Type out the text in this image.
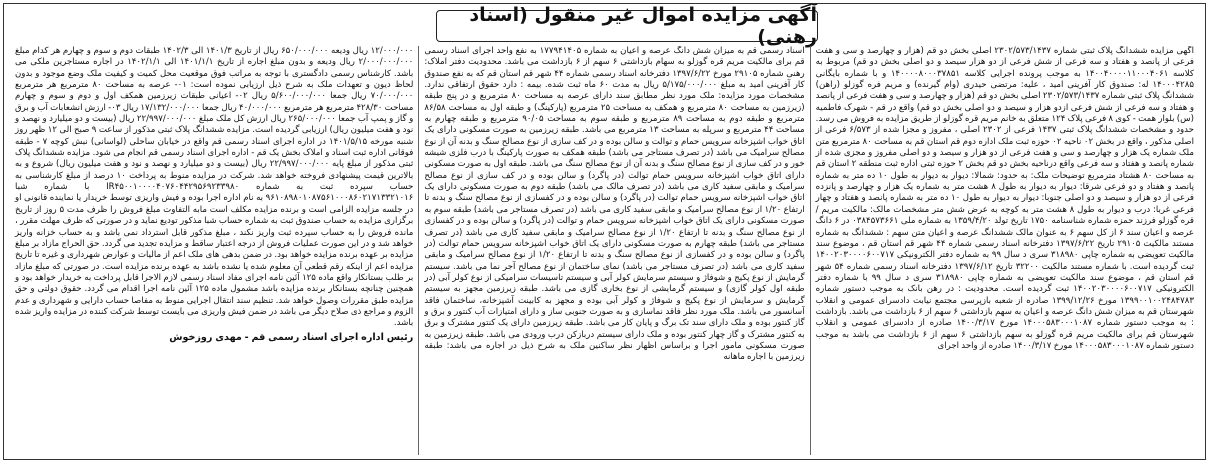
آگهی مزایده اموال غیر منقول (اسناد رهنی)
آگهی مزایده ششدانگ پلاک ثبتی شماره ۲۳۰۲/۵۷۳/۱۴۳۷ اصلی بخش دو قم (هزار و چهارصد و سی و هفت فرعی از پانصد و هفتاد و سه فرعی از شش فرعی از دو هزار سیصد و دو اصلی بخش دو قم) مربوط به کلاسه ۱۴۰۰۴۰۰۰۰۱۱۰۰۰۴۰۶۱ به موجب پرونده اجرایی کلاسه ۱۴۰۰۰۰۸۰۰۰۳۷۸۵۱ و با شماره بایگانی ۱۴۰۰۰۴۲۸۵ له: صندوق کار آفرینی امید ، علیه: مرتضی حیدری (وام گیرنده) و مریم فره گوزلو (راهن) ششدانگ پلاک ثبتی شماره ۲۳۰۲/۵۷۳/۱۴۳۷ اصلی بخش دو قم (هزار و چهارصد و سی و هفت فرعی از پانصد و هفتاد و سه فرعی از شش فرعی ازدو هزار و سیصد و دو اصلی بخش دو قم) واقع در قم - شهرک فاطمیه (س) بلوار همت - کوی ۸ فرعی پلاک ۱۲۴ متعلق به خانم مریم قره گوزلو از طریق مزایده به فروش می رسد. حدود و مشخصات ششدانگ پلاک ثبتی ۱۴۳۷ فرعی از ۲۳۰۲ اصلی ، مفروز و مجزا شده از ۶/۵۷۳ فرعی از اصلی مذکور ، واقع در بخش ۰۲ ناحیه ۰۲ حوزه ثبت ملک اداره دوم قم استان قم به مساحت ۸۰ مترمربع متن ملک شماره یک هزار و چهارصد و سی و هفت فرعی از دو هزار و سیصد و دو اصلی مفروز و مجزی شده از شماره پانصد و هفتاد و سه فرعی واقع درناحیه بخش دو قم بخش ۲ حوزه ثبتی اداره ثبت منطقه ۲ استان قم به مساحت ۸۰ هشتاد مترمربع توضیحات ملک: به حدود: شمالا: دیوار به دیوار به طول ۱۰ ده متر به شماره پانصد و هفتاد و دو فرعی شرقا: دیوار به دیوار به طول ۸ هشت متر به شماره یک هزار و چهارصد و پانزده فرعی از دو هزار و سیصد و دو اصلی جنوبا: دیوار به دیوار به طول ۱۰ ده متر به شماره پانصد و هفتاد و چهار فرعی غربا: درب و دیوار به طول ۸ هشت متر به کوچه به عرض شش متر مشخصات مالک: مالکیت مریم / قره گوزلو فرزند حمزه شماره شناسنامه ۱۷۵۰ تاریخ تولد ۱۳۵۹/۴/۲۰ به شماره ملی ۰۳۸۴۵۷۳۶۶۱ در ۶ دانگ عرصه و اعیان سند ۶ از کل سهم ۶ به عنوان مالک ششدانگ عرصه و اعیان متن سهم : ششدانگ به شماره مستند مالکیت ۲۹۱۰۵ تاریخ ۱۳۹۷/۶/۲۲ دفترخانه اسناد رسمی شماره ۴۴ شهر قم استان قم ، موضوع سند مالکیت تعویضی به شماره چاپی ۳۱۸۹۸۰ سری د سال ۹۹ به شماره دفتر الکترونیکی ۱۴۰۰۲۰۳۰۰۰۰۶۰۰۷۱۷ ثبت گردیده است. با شماره مستند مالکیت ۳۲۲۰۰ تاریخ ۱۳۹۷/۶/۱۲ دفترخانه اسناد رسمی شماره ۵۴ شهر قم استان قم ، موضوع سند مالکیت تعویضی به شماره چاپی ۳۱۸۹۸۰ سری د سال ۹۹ با شماره دفتر الکترونیکی ۱۴۰۰۲۰۳۰۰۰۰۶۰۰۷۱۷ ثبت گردیده است. محدودیت : در رهن بانک به موجب دستور شماره ۱۳۹۹۰۰۱۰۰۲۴۸۴۷۸۳ مورخ ۱۳۹۹/۱۲/۲۶ صادره از شعبه بازپرسی مجتمع نیابت دادسرای عمومی و انقلاب شهرستان قم به میزان شش دانگ عرصه و اعیان به سهم بازداشتی ۶ سهم از ۶ بازداشت می باشد. بازداشت : به موجب دستور شماره ۱۴۰۰۰۵۸۳۰۰۰۱۰۸۷ مورخ ۱۴۰۰/۳/۱۷ صادره از دادسرای عمومی و انقلاب شهرستان قم برای مالکیت مریم قره گوزلو به سهم بازداشتی ۶ سهم از ۶ بازداشت می باشد به موجب دستور شماره ۱۴۰۰۰۵۸۳۰۰۰۱۰۸۷ مورخ ۱۴۰۰/۳/۱۷ صادره از واحد اجرای
اسناد رسمی قم به میزان شش دانگ عرصه و اعیان به شماره ۱۷۷۹۴۱۴۰۵ به نفع واحد اجرای اسناد رسمی قم برای مالکیت مریم قره گوزلو به سهام بازداشتی ۶ سهم از ۶ بازداشت می باشد. محدودیت دفتر املاک: رهنی شماره ۲۹۱۰۵ مورخ ۱۳۹۷/۶/۲۲ دفترخانه اسناد رسمی شماره ۴۴ شهر قم استان قم که به نفع صندوق کار آفرینی امید به مبلغ ۵/۱۷۵/۰۰۰/۰۰۰ ریال به مدت ۶۰ ماه ثبت شده. بیمه : دارد حقوق ارتفاقی ندارد. مشخصات مورد مزایده: ملک مورد نظر مطابق سند دارای عرصه به مساحت ۸۰ مترمربع و در پنج طبقه (زیرزمین به مساحت ۸۰ مترمربع و همکف به مساحت ۲۵ مترمربع (پارکینگ) و طبقه اول به مساحت ۸۶/۵۸ مترمربع و طبقه دوم به مساحت ۸۹ مترمربع و طبقه سوم به مساحت ۹۰/۰۵ مترمربع و طبقه چهارم به مساحت ۴۴ مترمربع و سرپله به مساحت ۱۳ مترمربع می باشد. طبقه زیرزمین به صورت مسکونی دارای یک اتاق خواب اشپزخانه سرویس حمام و توالت و سالن بوده و در کف سازی از نوع مصالح سنگ و بدنه آن از نوع مصالح سرامیک می باشد (در تصرف مستاجر می باشد) طبقه همکف به صورت پارکینگ با درب فلزی شیشه خور و در کف سازی از نوع مصالح سنگ و بدنه آن از نوع مصالح سنگ می باشد. طبقه اول به صورت مسکونی دارای اتاق خواب اشپزخانه سرویس حمام توالت (در پاگرد) و سالن بوده و در کف سازی از نوع مصالح سرامیک و مابقی سفید کاری می باشد (در تصرف مالک می باشد) طبقه دوم به صورت مسکونی دارای یک اتاق خواب اشپزخانه سرویس حمام توالت (در پاگرد) و سالن بوده و در کفسازی از نوع مصالح سنگ و بدنه تا ارتفاع ۱/۲۰ از نوع مصالح سرامیک و مابقی سفید کاری می باشد (در تصرف مستاجر می باشد) طبقه سوم به صورت مسکونی دارای یک اتاق خواب اشپزخانه سرویس حمام و توالت (در پاگرد) و سالن بوده و در کفسازی از نوع مصالح سنگ و بدنه تا ارتفاع ۱/۲۰ از نوع مصالح سرامیک و مابقی سفید کاری می باشد (در تصرف مستاجر می باشد) طبقه چهارم به صورت مسکونی دارای یک اتاق خواب اشپزخانه سرویس حمام توالت (در پاگرد) و سالن بوده و در کفسازی از نوع مصالح سنگ و بدنه تا ارتفاع ۱/۲۰ از نوع مصالح سرامیک و مابقی سفید کاری می باشد (در تصرف مستاجر می باشد) نمای ساختمان از نوع مصالح آجر نما می باشد. سیستم گرمایش از نوع پکیج و شوفاژ و سیستم سرمایش کولر آبی و سیستم تاسیسات سرامیکی از نوع کولر آبی (در طبقه اول کولر گازی) و سیستم گرمایشی از نوع بخاری گازی می باشد. طبقه زیرزمین مجهز به سیستم گرمایش و سرمایش از نوع پکیج و شوفاژ و کولر آبی بوده و مجهز به کابینت آشپزخانه، ساختمان فاقد آسانسور می باشد. ملک مورد نظر فاقد نماسازی و به صورت جنوبی ساز و دارای امتیازات آب کنتور و برق و گاز کنتور بوده و ملک دارای سند تک برگ و پایان کار می باشد. طبقه زیرزمین دارای یک کنتور مشترک و برق به کنتور مشترک و گاز چهار کنتور بوده و ملک دارای سیستم دربازکن درب ورودی می باشد. طبقه زیرزمین به صورت مسکونی مامور اجرا و براساس اظهار نظر ساکنین ملک به شرح ذیل در اجاره می باشد: طبقه زیرزمین با اجاره ماهانه
۱۲/۰۰۰/۰۰۰ ریال ودیعه ۶۵۰/۰۰۰/۰۰۰ ریال از تاریخ ۱۴۰۱/۳ الی ۱۴۰۲/۳ طبقات دوم و سوم و چهارم هر کدام مبلغ ۲/۰۰۰/۰۰۰/۰۰۰ ریال ودیعه و بدون مبلغ اجاره از تاریخ ۱۴۰۱/۱/۱ الی ۱۴۰۲/۱/۱ در اجاره مستاجرین ملکی می باشد. کارشناس رسمی دادگستری با توجه به مراتب فوق موقعیت محل کمیت و کیفیت ملک وضع موجود و بدون لحاظ دیون و تعهدات ملک به شرح ذیل ارزیابی نموده است: ۰۱- عرصه به مساحت ۸۰ مترمربع هر مترمربع ۷۰/۰۰۰/۰۰۰ ریال جمعا ۵/۶۰۰/۰۰۰/۰۰۰ ریال ۰۲- اعیانی طبقات زیرزمین همکف اول و دوم و سوم و چهارم مساحت ۴۲۸/۳۰ مترمربع هر مترمربع ۴۰/۰۰۰/۰۰۰ ریال جمعا ۱۷/۱۳۲/۰۰۰/۰۰۰ ریال ۰۳- ارزش انشعابات آب و برق و گاز و پمپ آب جمعا ۲۶۵/۰۰۰/۰۰۰ ریال ارزش کل ملک مبلغ ۲۲/۹۹۷/۰۰۰/۰۰۰ ریال (بیست و دو میلیارد و نهصد و نود و هفت میلیون ریال) ارزیابی گردیده است. مزایده ششدانگ پلاک ثبتی مذکور از ساعت ۹ صبح الی ۱۲ ظهر روز شنبه مورخه ۱۴۰۱/۵/۱۵ در اداره اجرای اسناد رسمی قم واقع در خیابان ساحلی (لواسانی) نبش کوچه ۷ - طبقه فوقانی اداره ثبت اسناد و املاک بخش یک قم - اداره اجرای اسناد رسمی قم انجام می شود. مزایده ششدانگ پلاک ثبتی مذکور از مبلغ پایه ۲۲/۹۹۷/۰۰۰/۰۰۰ ریال (بیست و دو میلیارد و نهصد و نود و هفت میلیون ریال) شروع و به بالاترین قیمت پیشنهادی فروخته خواهد شد. شرکت در مزایده منوط به پرداخت ۱۰ درصد از مبلغ کارشناسی به حساب سپرده ثبت به شماره IR۴۵۰۰۱۰۰۰۰۴۰۷۶۰۴۴۲۹۵۶۹۲۳۳۹۸۰ با شماره شبا ۹۶۱۰۸۹۸۰۱۰۸۷۵۶۱۰۰۰۸۶۰۲۱۷۱۳۳۲۱۰۱۶ به نام اداره اجرا بوده و فیش واریزی توسط خریدار یا نماینده قانونی او در جلسه مزایده الزامی است و برنده مزایده مکلف است مابه التفاوت مبلغ فروش را ظرف مدت ۵ روز از تاریخ برگزاری مزایده به حساب صندوق ثبت به شماره حساب شبا مذکور تودیع نماید و در صورتی که ظرف مهلت مقرر ، مانده فروش را به حساب سپرده ثبت واریز نکند ، مبلغ مذکور قابل استرداد نمی باشد و به حساب خزانه واریز خواهد شد و در این صورت عملیات فروش از درجه اعتبار ساقط و مزایده تجدید می گردد. حق الحراج مازاد بر مبلغ مزایده بر عهده برنده مزایده خواهد بود. در ضمن بدهی های ملک اعم از مالیات و عوارض شهرداری و غیره تا تاریخ مزایده اعم از اینکه رقم قطعی آن معلوم شده یا نشده باشد به عهده برنده مزایده است. در صورتی که مبلغ مازاد بر طلب بستانکار واقع ماده ۱۲۵ آئین نامه اجرای مفاد اسناد رسمی لازم الاجرا قابل پرداخت به خریدار خواهد بود و همچنین چنانچه بستانکار برنده مزایده باشد مشمول ماده ۱۲۵ آئین نامه اجرا اقدام می گردد. حقوق دولتی و حق مزایده طبق مقررات وصول خواهد شد. تنظیم سند انتقال اجرایی منوط به مفاصا حساب دارایی و شهرداری و عدم الزوم و مراجع ذی صلاح دیگر می باشد در ضمن فیش واریزی می بایست توسط شرکت کننده در مزایده واریز شده باشد.
رئیس اداره اجرای اسناد رسمی قم - مهدی روزخوش
